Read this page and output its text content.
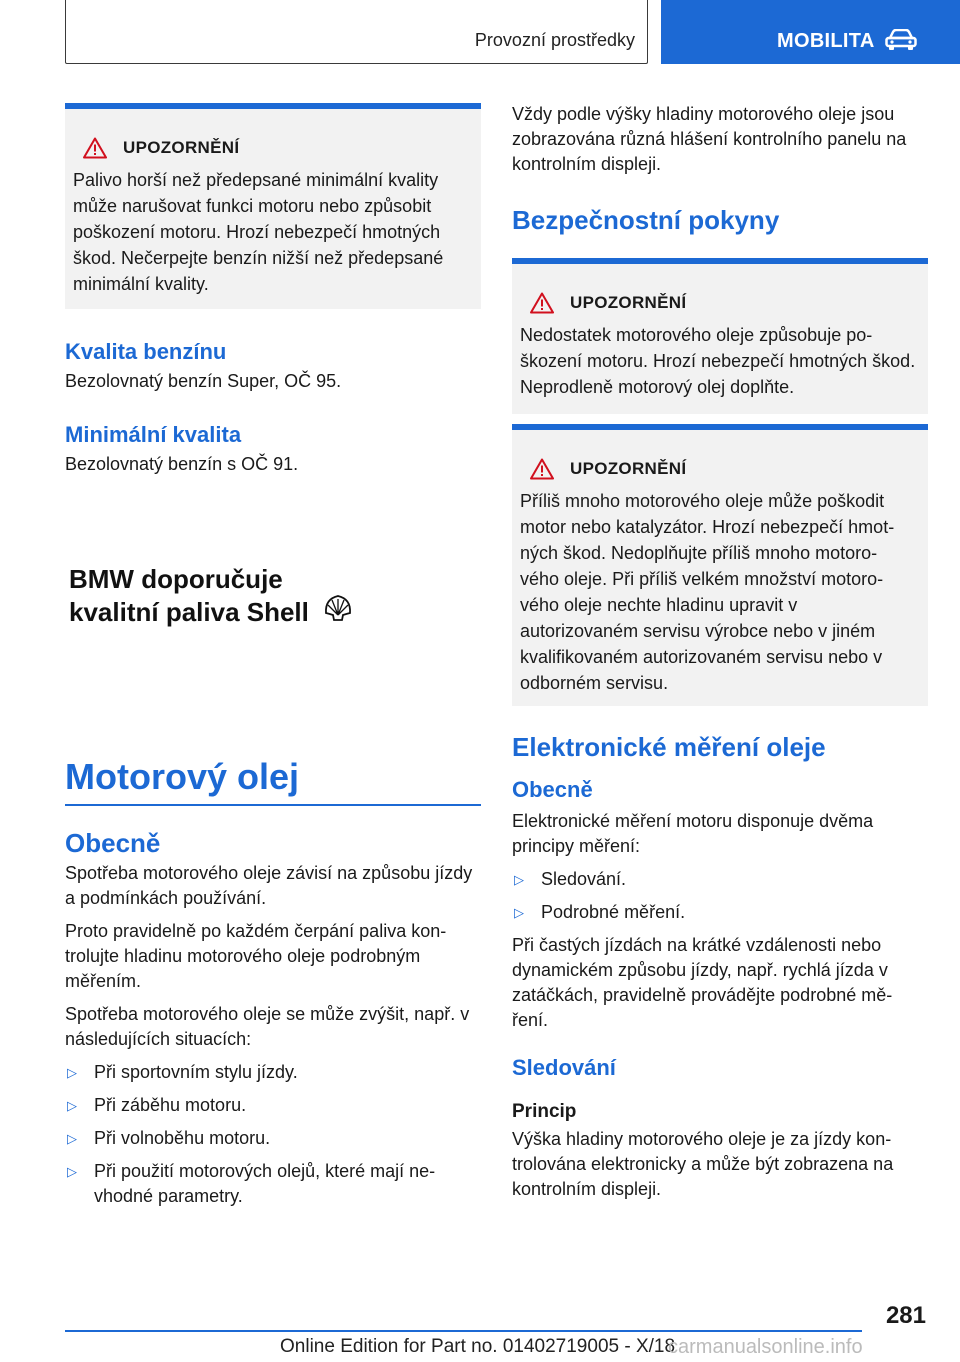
Provozní prostředky	MOBILITA
UPOZORNĚNÍ

Palivo horší než předepsané minimální kvality může narušovat funkci motoru nebo způsobit poškození motoru. Hrozí nebezpečí hmotných škod. Nečerpejte benzín nižší než předepsané minimální kvality.

Kvalita benzínu

Bezolovnatý benzín Super, OČ 95.

Minimální kvalita

Bezolovnatý benzín s OČ 91.

BMW doporučuje
kvalitní paliva Shell
Motorový olej
Obecně

Spotřeba motorového oleje závisí na způsobu jízdy a podmínkách používání.

Proto pravidelně po každém čerpání paliva kon- trolujte hladinu motorového oleje podrobným měřením.

Spotřeba motorového oleje se může zvýšit, např. v následujících situacích:

▷ Při sportovním stylu jízdy.
▷ Při záběhu motoru.
▷ Při volnoběhu motoru.
▷ Při použití motorových olejů, které mají ne- vhodné parametry.

Vždy podle výšky hladiny motorového oleje jsou zobrazována různá hlášení kontrolního panelu na kontrolním displeji.

Bezpečnostní pokyny
UPOZORNĚNÍ

Nedostatek motorového oleje způsobuje po- škození motoru. Hrozí nebezpečí hmotných škod. Neprodleně motorový olej doplňte.

UPOZORNĚNÍ

Příliš mnoho motorového oleje může poškodit motor nebo katalyzátor. Hrozí nebezpečí hmot- ných škod. Nedoplňujte příliš mnoho motoro- vého oleje. Při příliš velkém množství motoro- vého oleje nechte hladinu upravit v autorizovaném servisu výrobce nebo v jiném kvalifikovaném autorizovaném servisu nebo v odborném servisu.

Elektronické měření oleje
Obecně

Elektronické měření motoru disponuje dvěma principy měření:

▷ Sledování.
▷ Podrobné měření.

Při častých jízdách na krátké vzdálenosti nebo dynamickém způsobu jízdy, např. rychlá jízda v zatáčkách, pravidelně provádějte podrobné mě- ření.

Sledování
Princip

Výška hladiny motorového oleje je za jízdy kon- trolována elektronicky a může být zobrazena na kontrolním displeji.

281
Online Edition for Part no. 01402719005 - X/18
carmanualsonline.info
